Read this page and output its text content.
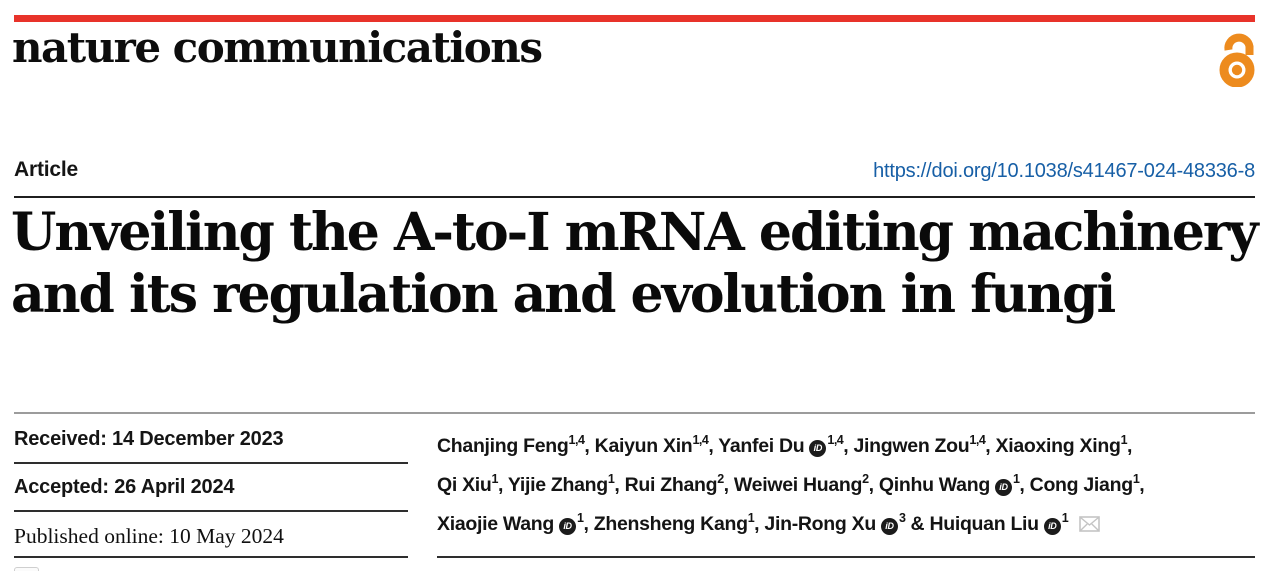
nature communications
Article	https://doi.org/10.1038/s41467-024-48336-8
Unveiling the A-to-I mRNA editing machinery and its regulation and evolution in fungi
Received: 14 December 2023
Accepted: 26 April 2024
Published online: 10 May 2024
Chanjing Feng$^{1,4}$, Kaiyun Xin$^{1,4}$, Yanfei Du iD$^{1,4}$, Jingwen Zou$^{1,4}$, Xiaoxing Xing$^1$,
Qi Xiu$^1$, Yijie Zhang$^1$, Rui Zhang$^2$, Weiwei Huang$^2$, Qinhu Wang $iD^1$, Cong Jiang$^1$,
Xiaojie Wang $iD^1$, Zhensheng Kang$^1$, Jin-Rong Xu $iD^3$ & Huiquan Liu $iD^1$
